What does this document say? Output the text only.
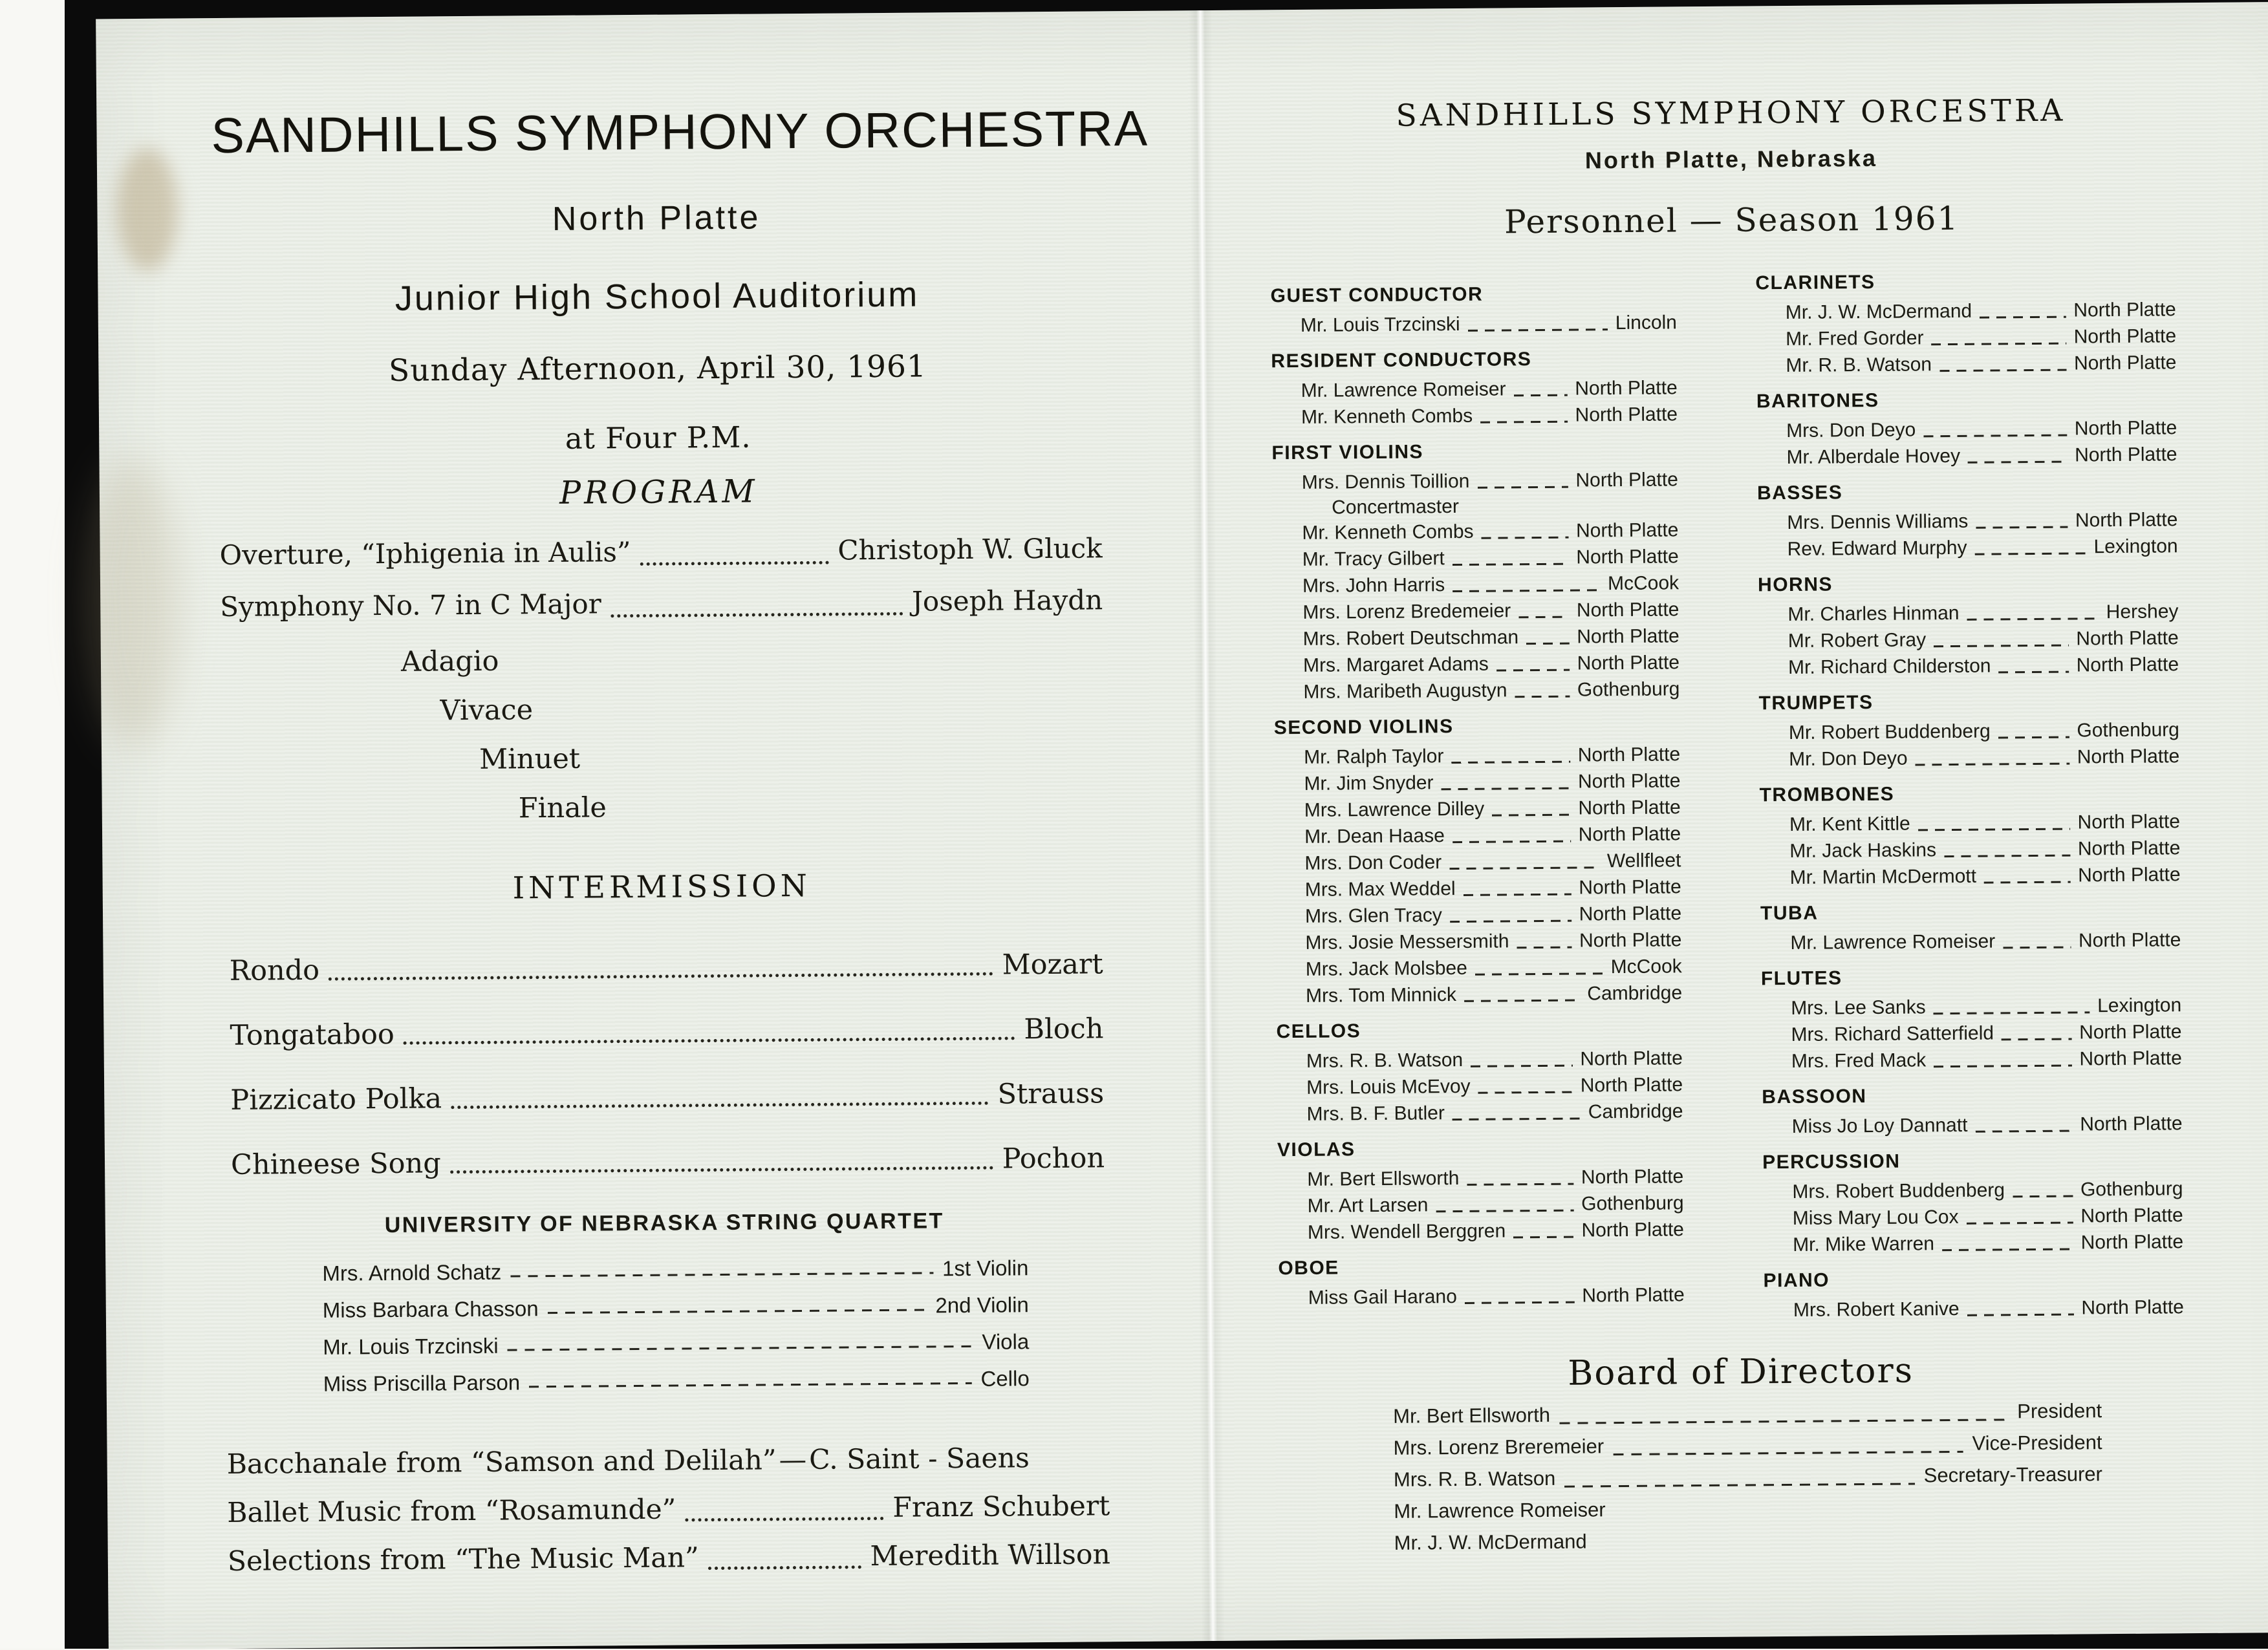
SANDHILLS SYMPHONY ORCHESTRA
North Platte
Junior High School Auditorium
Sunday Afternoon, April 30, 1961
at Four P.M.
PROGRAM
Overture, “Iphigenia in Aulis”	Christoph W. Gluck
Symphony No. 7 in C Major	Joseph Haydn
Adagio
Vivace
Minuet
Finale
INTERMISSION
Rondo	Mozart
Tongataboo	Bloch
Pizzicato Polka	Strauss
Chineese Song	Pochon
UNIVERSITY OF NEBRASKA STRING QUARTET
Mrs. Arnold Schatz	1st Violin
Miss Barbara Chasson	2nd Violin
Mr. Louis Trzcinski	Viola
Miss Priscilla Parson	Cello
Bacchanale from “Samson and Delilah” — C. Saint - Saens
Ballet Music from “Rosamunde”	Franz Schubert
Selections from “The Music Man”	Meredith Willson
SANDHILLS SYMPHONY ORCESTRA
North Platte, Nebraska
Personnel — Season 1961
GUEST CONDUCTOR
Mr. Louis Trzcinski	Lincoln
RESIDENT CONDUCTORS
Mr. Lawrence Romeiser	North Platte
Mr. Kenneth Combs	North Platte
FIRST VIOLINS
Mrs. Dennis Toillion	North Platte
Concertmaster
Mr. Kenneth Combs	North Platte
Mr. Tracy Gilbert	North Platte
Mrs. John Harris	McCook
Mrs. Lorenz Bredemeier	North Platte
Mrs. Robert Deutschman	North Platte
Mrs. Margaret Adams	North Platte
Mrs. Maribeth Augustyn	Gothenburg
SECOND VIOLINS
Mr. Ralph Taylor	North Platte
Mr. Jim Snyder	North Platte
Mrs. Lawrence Dilley	North Platte
Mr. Dean Haase	North Platte
Mrs. Don Coder	Wellfleet
Mrs. Max Weddel	North Platte
Mrs. Glen Tracy	North Platte
Mrs. Josie Messersmith	North Platte
Mrs. Jack Molsbee	McCook
Mrs. Tom Minnick	Cambridge
CELLOS
Mrs. R. B. Watson	North Platte
Mrs. Louis McEvoy	North Platte
Mrs. B. F. Butler	Cambridge
VIOLAS
Mr. Bert Ellsworth	North Platte
Mr. Art Larsen	Gothenburg
Mrs. Wendell Berggren	North Platte
OBOE
Miss Gail Harano	North Platte
CLARINETS
Mr. J. W. McDermand	North Platte
Mr. Fred Gorder	North Platte
Mr. R. B. Watson	North Platte
BARITONES
Mrs. Don Deyo	North Platte
Mr. Alberdale Hovey	North Platte
BASSES
Mrs. Dennis Williams	North Platte
Rev. Edward Murphy	Lexington
HORNS
Mr. Charles Hinman	Hershey
Mr. Robert Gray	North Platte
Mr. Richard Childerston	North Platte
TRUMPETS
Mr. Robert Buddenberg	Gothenburg
Mr. Don Deyo	North Platte
TROMBONES
Mr. Kent Kittle	North Platte
Mr. Jack Haskins	North Platte
Mr. Martin McDermott	North Platte
TUBA
Mr. Lawrence Romeiser	North Platte
FLUTES
Mrs. Lee Sanks	Lexington
Mrs. Richard Satterfield	North Platte
Mrs. Fred Mack	North Platte
BASSOON
Miss Jo Loy Dannatt	North Platte
PERCUSSION
Mrs. Robert Buddenberg	Gothenburg
Miss Mary Lou Cox	North Platte
Mr. Mike Warren	North Platte
PIANO
Mrs. Robert Kanive	North Platte
Board of Directors
Mr. Bert Ellsworth	President
Mrs. Lorenz Breremeier	Vice-President
Mrs. R. B. Watson	Secretary-Treasurer
Mr. Lawrence Romeiser
Mr. J. W. McDermand
